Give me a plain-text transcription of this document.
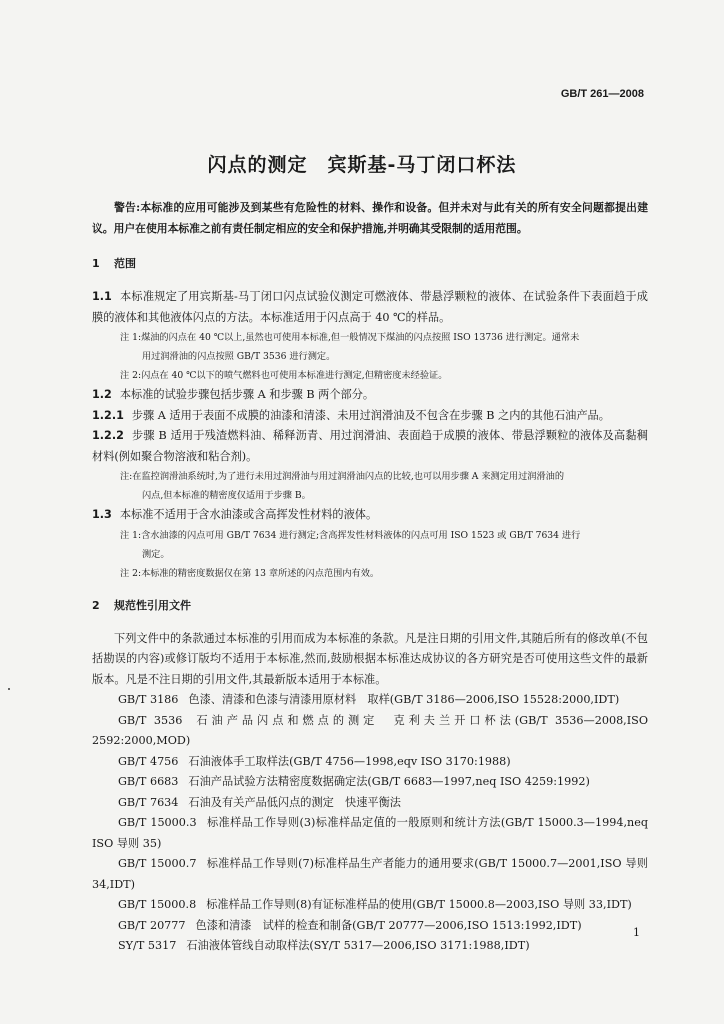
GB/T 261—2008
闪点的测定　宾斯基-马丁闭口杯法

警告:本标准的应用可能涉及到某些有危险性的材料、操作和设备。但并未对与此有关的所有安全问题都提出建议。用户在使用本标准之前有责任制定相应的安全和保护措施,并明确其受限制的适用范围。

1 范围

1.1 本标准规定了用宾斯基-马丁闭口闪点试验仪测定可燃液体、带悬浮颗粒的液体、在试验条件下表面趋于成膜的液体和其他液体闪点的方法。本标准适用于闪点高于 40 ℃的样品。

注 1:煤油的闪点在 40 ℃以上,虽然也可使用本标准,但一般情况下煤油的闪点按照 ISO 13736 进行测定。通常未
用过润滑油的闪点按照 GB/T 3536 进行测定。

注 2:闪点在 40 ℃以下的喷气燃料也可使用本标准进行测定,但精密度未经验证。

1.2 本标准的试验步骤包括步骤 A 和步骤 B 两个部分。

1.2.1 步骤 A 适用于表面不成膜的油漆和清漆、未用过润滑油及不包含在步骤 B 之内的其他石油产品。

1.2.2 步骤 B 适用于残渣燃料油、稀释沥青、用过润滑油、表面趋于成膜的液体、带悬浮颗粒的液体及高黏稠材料(例如聚合物溶液和粘合剂)。

注:在监控润滑油系统时,为了进行未用过润滑油与用过润滑油闪点的比较,也可以用步骤 A 来测定用过润滑油的
闪点,但本标准的精密度仅适用于步骤 B。

1.3 本标准不适用于含水油漆或含高挥发性材料的液体。

注 1:含水油漆的闪点可用 GB/T 7634 进行测定;含高挥发性材料液体的闪点可用 ISO 1523 或 GB/T 7634 进行
测定。

注 2:本标准的精密度数据仅在第 13 章所述的闪点范围内有效。

2 规范性引用文件

下列文件中的条款通过本标准的引用而成为本标准的条款。凡是注日期的引用文件,其随后所有的修改单(不包括勘误的内容)或修订版均不适用于本标准,然而,鼓励根据本标准达成协议的各方研究是否可使用这些文件的最新版本。凡是不注日期的引用文件,其最新版本适用于本标准。

GB/T 3186 色漆、清漆和色漆与清漆用原材料　取样(GB/T 3186—2006,ISO 15528:2000,IDT)

GB/T 3536 石油产品闪点和燃点的测定　克利夫兰开口杯法(GB/T 3536—2008,ISO 2592:2000,MOD)

GB/T 4756 石油液体手工取样法(GB/T 4756—1998,eqv ISO 3170:1988)

GB/T 6683 石油产品试验方法精密度数据确定法(GB/T 6683—1997,neq ISO 4259:1992)

GB/T 7634 石油及有关产品低闪点的测定　快速平衡法

GB/T 15000.3 标准样品工作导则(3)标准样品定值的一般原则和统计方法(GB/T 15000.3—1994,neq ISO 导则 35)

GB/T 15000.7 标准样品工作导则(7)标准样品生产者能力的通用要求(GB/T 15000.7—2001,ISO 导则 34,IDT)

GB/T 15000.8 标准样品工作导则(8)有证标准样品的使用(GB/T 15000.8—2003,ISO 导则 33,IDT)

GB/T 20777 色漆和清漆　试样的检查和制备(GB/T 20777—2006,ISO 1513:1992,IDT)

SY/T 5317 石油液体管线自动取样法(SY/T 5317—2006,ISO 3171:1988,IDT)

1
